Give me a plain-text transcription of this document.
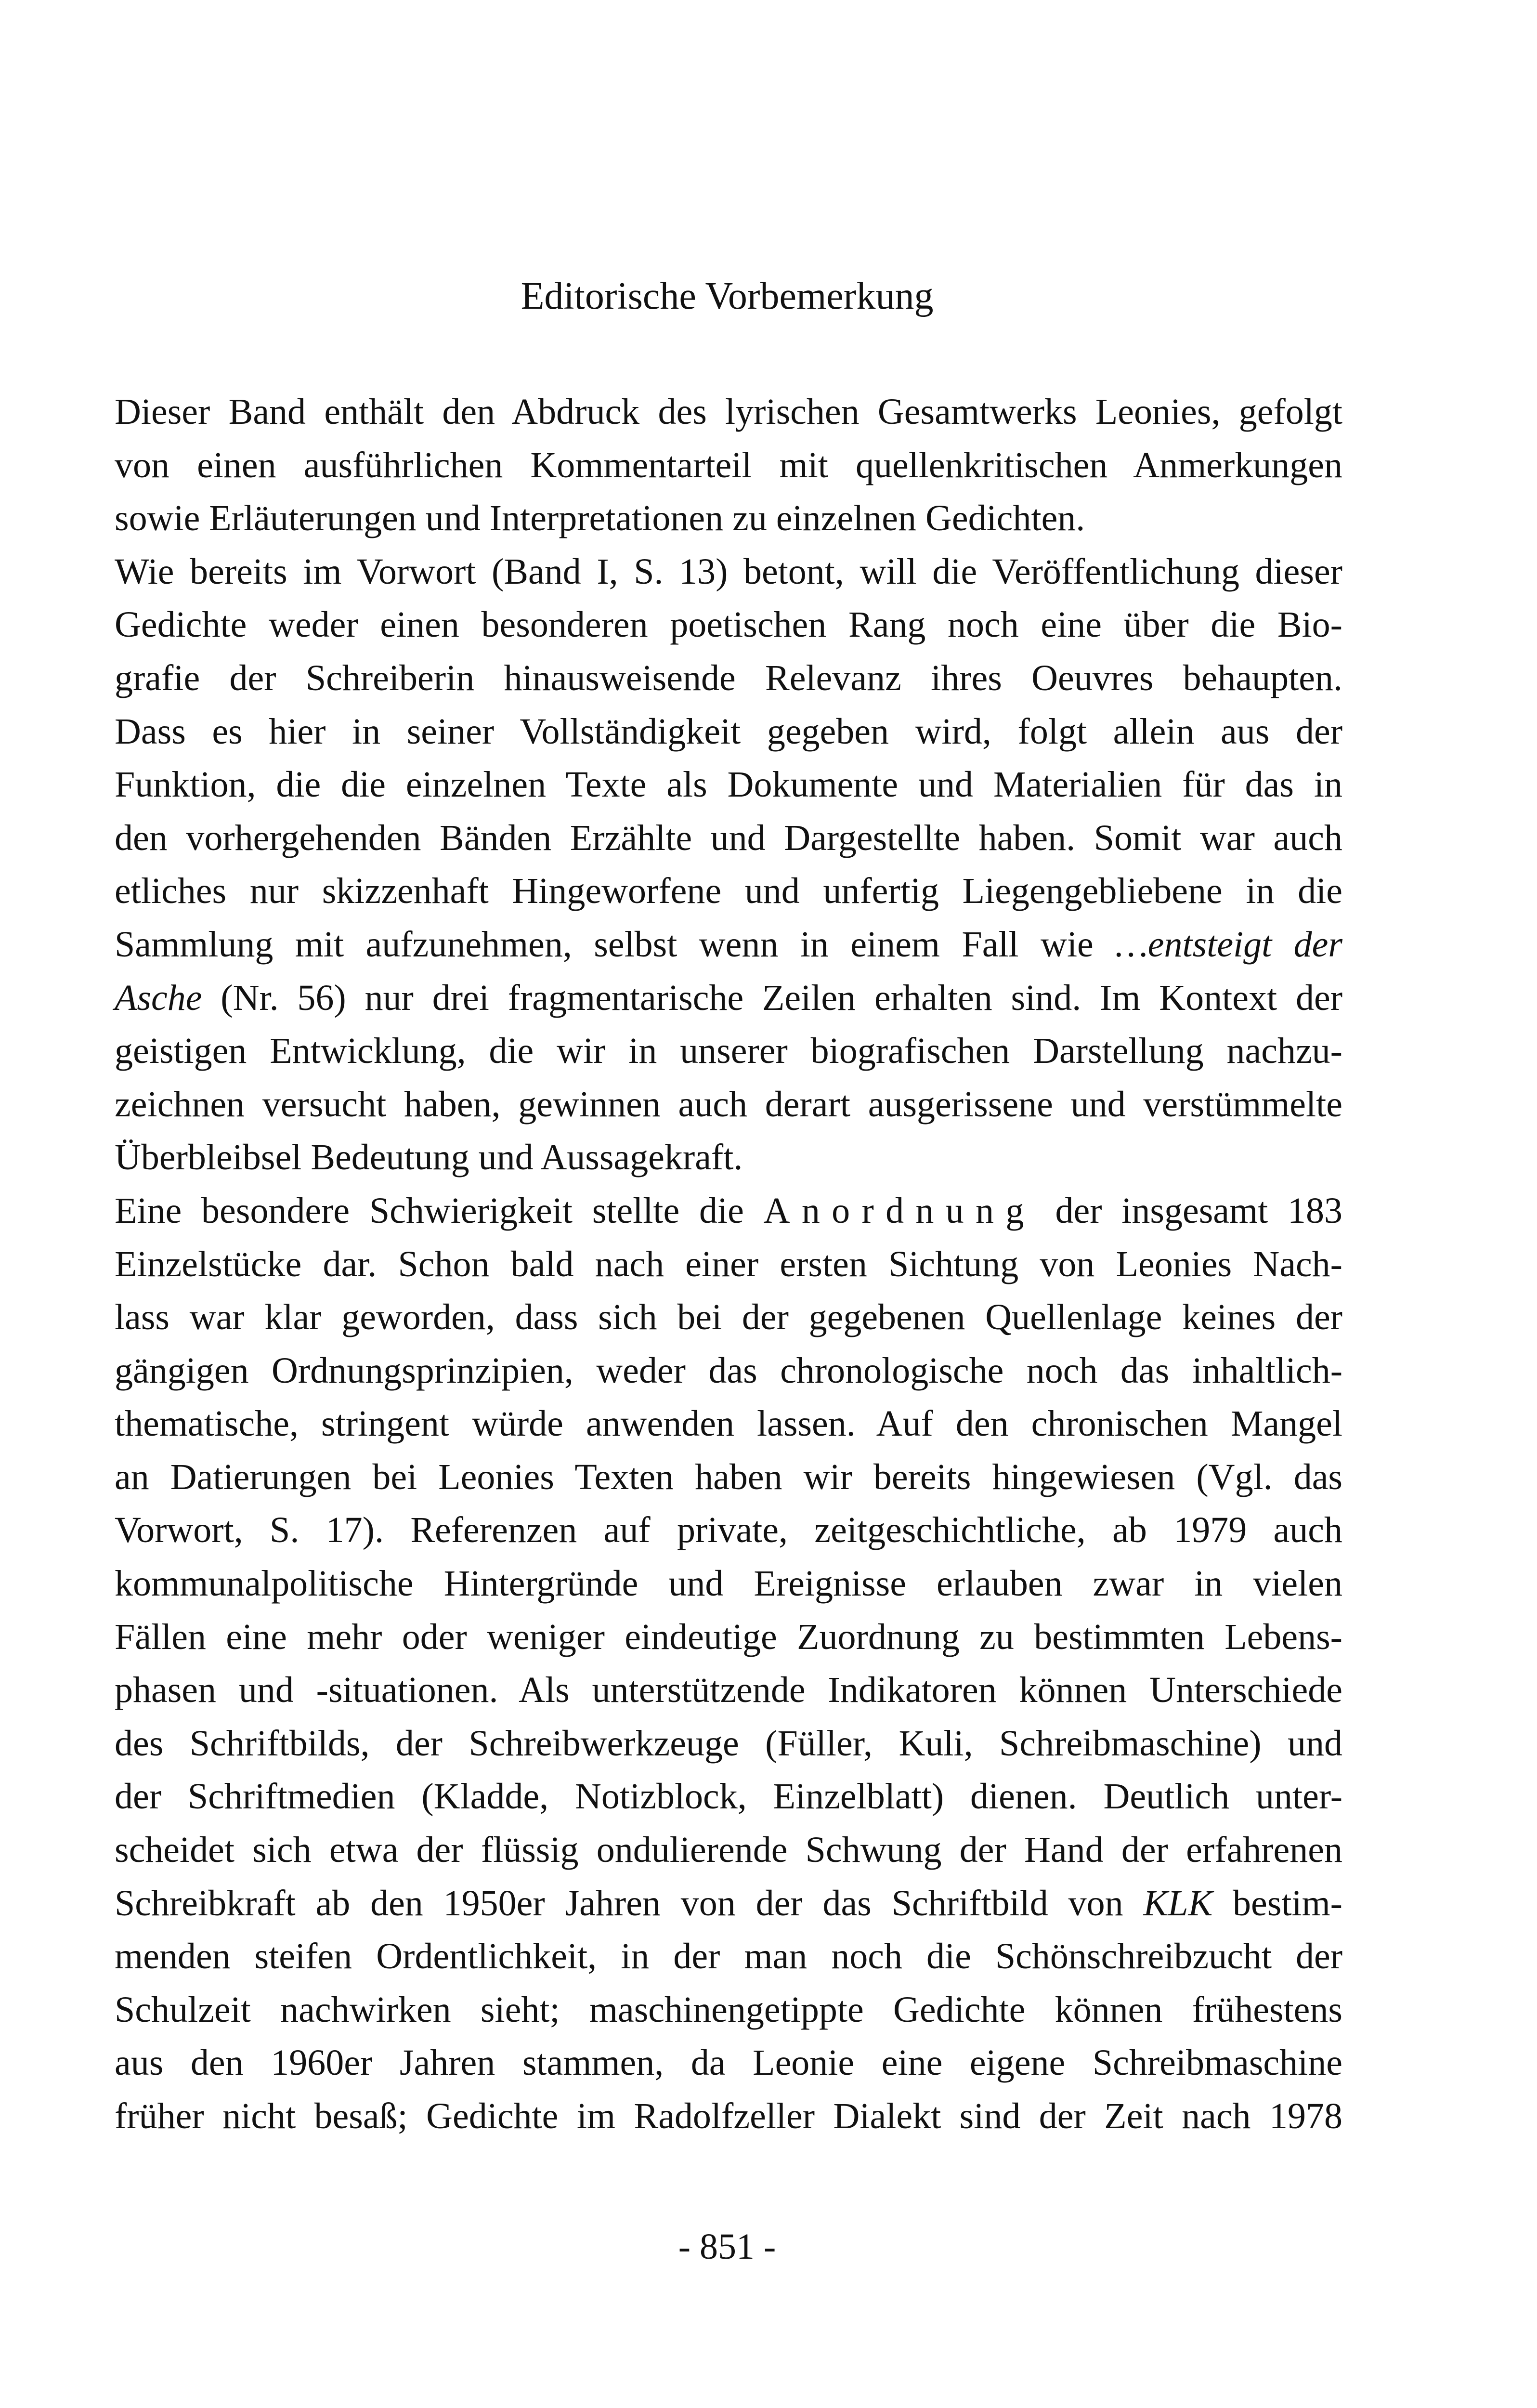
Editorische Vorbemerkung
Dieser Band enthält den Abdruck des lyrischen Gesamtwerks Leonies, gefolgt
von einen ausführlichen Kommentarteil mit quellenkritischen Anmerkungen
sowie Erläuterungen und Interpretationen zu einzelnen Gedichten.
Wie bereits im Vorwort (Band I, S. 13) betont, will die Veröffentlichung dieser
Gedichte weder einen besonderen poetischen Rang noch eine über die Bio-
grafie der Schreiberin hinausweisende Relevanz ihres Oeuvres behaupten.
Dass es hier in seiner Vollständigkeit gegeben wird, folgt allein aus der
Funktion, die die einzelnen Texte als Dokumente und Materialien für das in
den vorhergehenden Bänden Erzählte und Dargestellte haben. Somit war auch
etliches nur skizzenhaft Hingeworfene und unfertig Liegengebliebene in die
Sammlung mit aufzunehmen, selbst wenn in einem Fall wie …entsteigt der
Asche (Nr. 56) nur drei fragmentarische Zeilen erhalten sind. Im Kontext der
geistigen Entwicklung, die wir in unserer biografischen Darstellung nachzu-
zeichnen versucht haben, gewinnen auch derart ausgerissene und verstümmelte
Überbleibsel Bedeutung und Aussagekraft.
Eine besondere Schwierigkeit stellte die Anordnung der insgesamt 183
Einzelstücke dar. Schon bald nach einer ersten Sichtung von Leonies Nach-
lass war klar geworden, dass sich bei der gegebenen Quellenlage keines der
gängigen Ordnungsprinzipien, weder das chronologische noch das inhaltlich-
thematische, stringent würde anwenden lassen. Auf den chronischen Mangel
an Datierungen bei Leonies Texten haben wir bereits hingewiesen (Vgl. das
Vorwort, S. 17). Referenzen auf private, zeitgeschichtliche, ab 1979 auch
kommunalpolitische Hintergründe und Ereignisse erlauben zwar in vielen
Fällen eine mehr oder weniger eindeutige Zuordnung zu bestimmten Lebens-
phasen und -situationen. Als unterstützende Indikatoren können Unterschiede
des Schriftbilds, der Schreibwerkzeuge (Füller, Kuli, Schreibmaschine) und
der Schriftmedien (Kladde, Notizblock, Einzelblatt) dienen. Deutlich unter-
scheidet sich etwa der flüssig ondulierende Schwung der Hand der erfahrenen
Schreibkraft ab den 1950er Jahren von der das Schriftbild von KLK bestim-
menden steifen Ordentlichkeit, in der man noch die Schönschreibzucht der
Schulzeit nachwirken sieht; maschinengetippte Gedichte können frühestens
aus den 1960er Jahren stammen, da Leonie eine eigene Schreibmaschine
früher nicht besaß; Gedichte im Radolfzeller Dialekt sind der Zeit nach 1978
- 851 -
